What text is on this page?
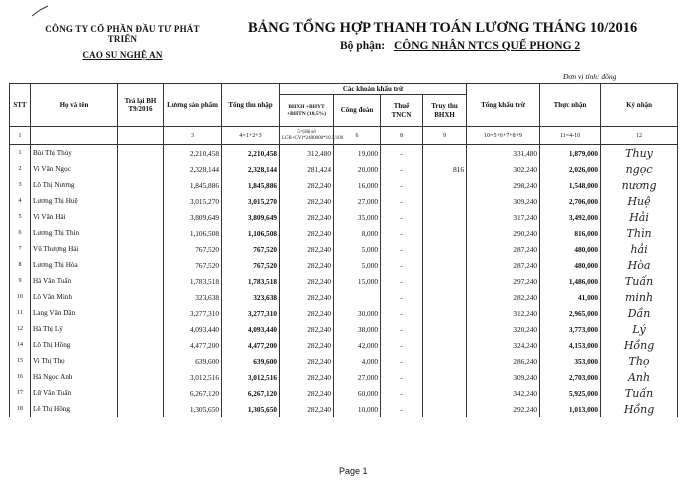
CÔNG TY CỔ PHẦN ĐẦU TƯ PHÁT TRIỂN
CAO SU NGHỆ AN
BẢNG TỔNG HỢP THANH TOÁN LƯƠNG THÁNG 10/2016
Bộ phận: CÔNG NHÂN NTCS QUẾ PHONG 2
Đơn vị tính: đồng
STT	Họ và tên	Trả lại BH T9/2016	Lương sản phẩm	Tổng thu nhập	Các khoản khấu trừ				Tổng khấu trừ	Thực nhận	Ký nhận
					BHXH +BHYT +BHTN (10,5%)	Công đoàn	Thuế TNCN	Truy thu BHXH			
1			3	4=1+2+3	5=(Hệ số LCB+CV)*2400000*10.5/100	6	8	9	10=5+6+7+8+9	11=4-10	12
1	Bùi Thị Thủy		2,210,458	2,210,458	312,480	19,000	-		331,480	1,879,000	Thuy
2	Vi Văn Ngọc		2,328,144	2,328,144	281,424	20,000	-	816	302,240	2,026,000	ngọc
3	Lô Thị Nương		1,845,886	1,845,886	282,240	16,000	-		298,240	1,548,000	nương
4	Lương Thị Huệ		3,015,270	3,015,270	282,240	27,000	-		309,240	2,706,000	Huệ
5	Vi Văn Hải		3,809,649	3,809,649	282,240	35,000	-		317,240	3,492,000	Hải
6	Lương Thị Thìn		1,106,508	1,106,508	282,240	8,000	-		290,240	816,000	Thìn
7	Vũ Thượng Hải		767,520	767,520	282,240	5,000	-		287,240	480,000	hải
8	Lương Thị Hòa		767,520	767,520	282,240	5,000	-		287,240	480,000	Hòa
9	Hà Văn Tuấn		1,783,518	1,783,518	282,240	15,000	-		297,240	1,486,000	Tuấn
10	Lô Văn Minh		323,638	323,638	282,240		-		282,240	41,000	minh
11	Lang Văn Dần		3,277,310	3,277,310	282,240	30,000	-		312,240	2,965,000	Dần
12	Hà Thị Lý		4,093,440	4,093,440	282,240	38,000	-		320,240	3,773,000	Lý
14	Lô Thị Hồng		4,477,200	4,477,200	282,240	42,000	-		324,240	4,153,000	Hồng
15	Vi Thị Thọ		639,600	639,600	282,240	4,000	-		286,240	353,000	Thọ
16	Hà Ngọc Anh		3,012,516	3,012,516	282,240	27,000	-		309,240	2,703,000	Anh
17	Lữ Văn Tuấn		6,267,120	6,267,120	282,240	60,000	-		342,240	5,925,000	Tuấn
18	Lê Thị Hồng		1,305,650	1,305,650	282,240	10,000	-		292,240	1,013,000	Hồng
Page 1
